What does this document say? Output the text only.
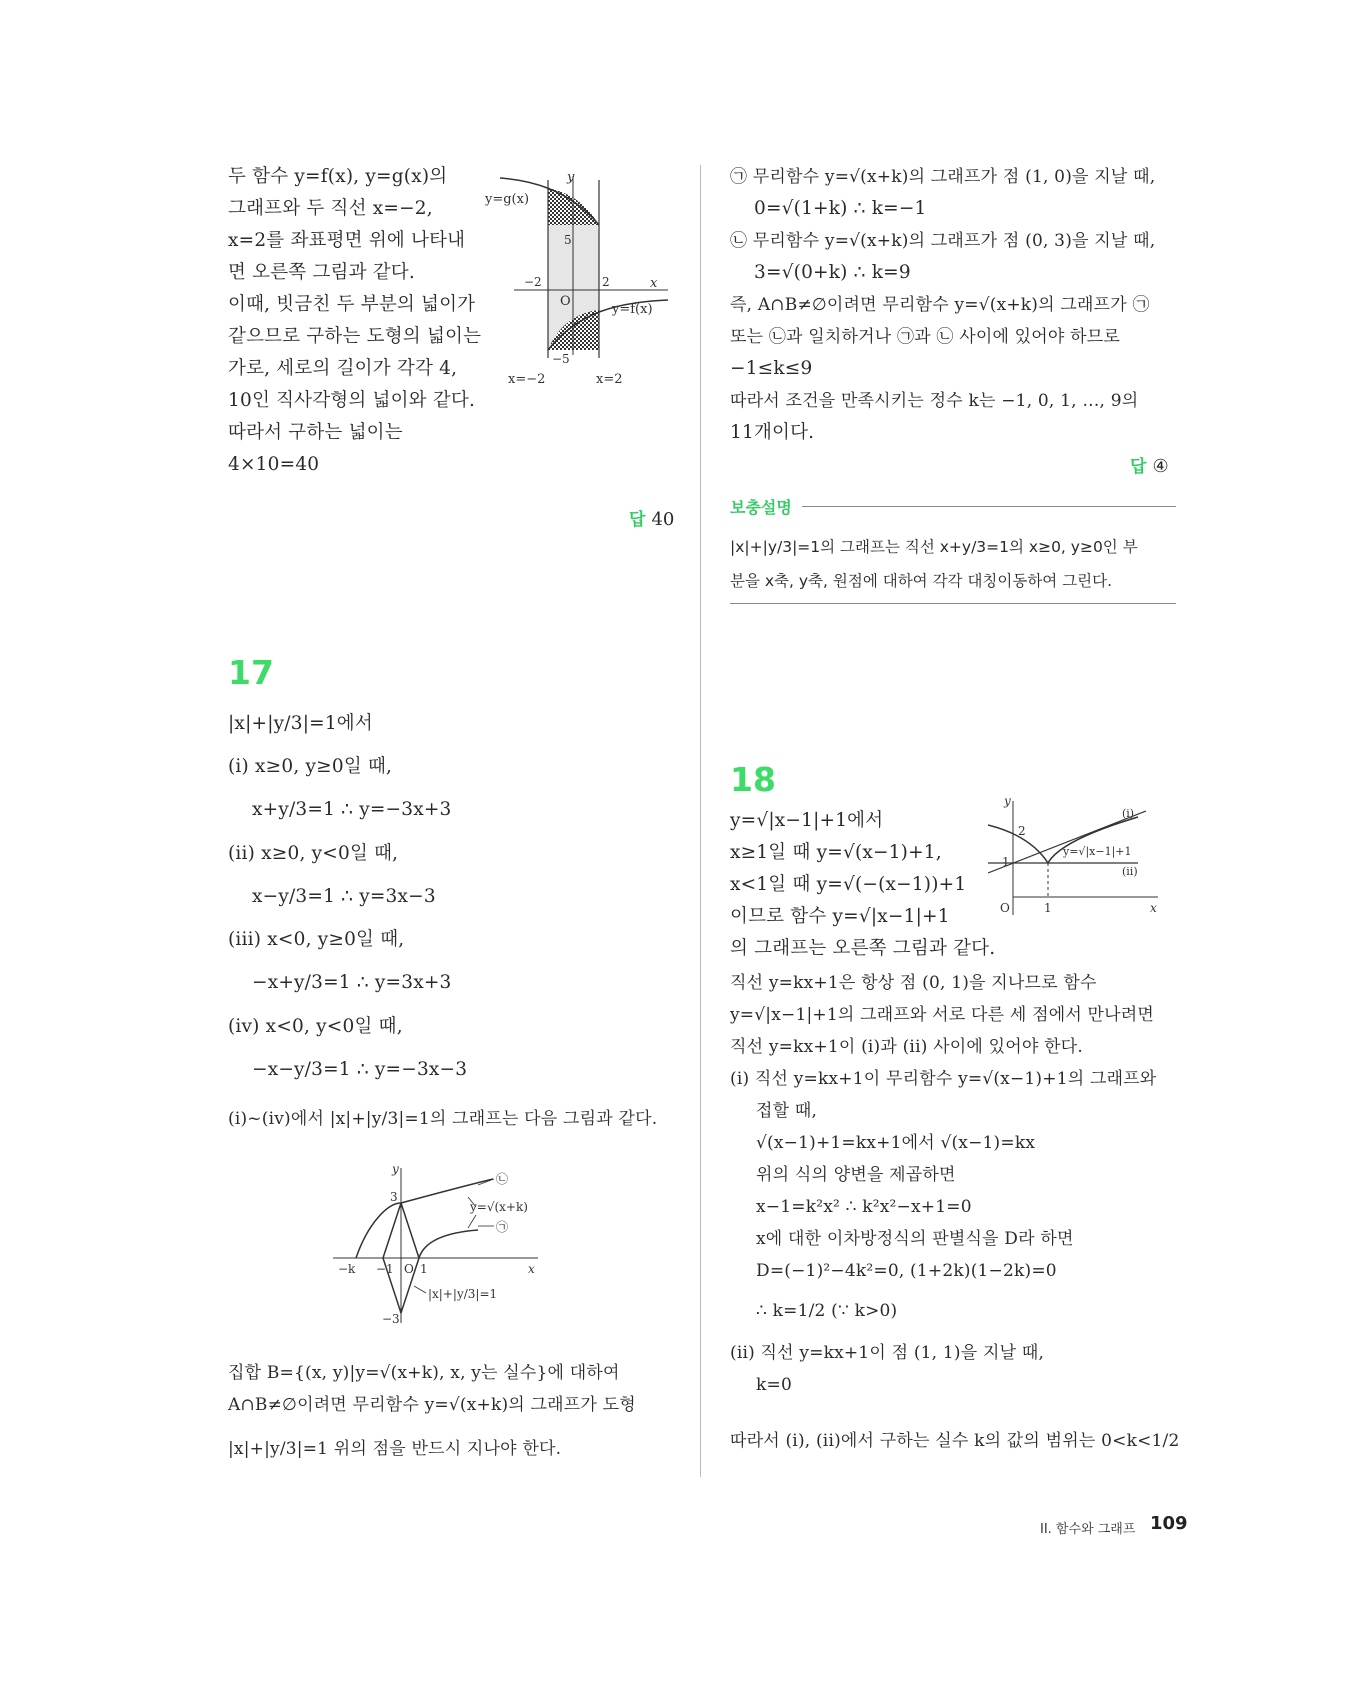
두 함수 y=f(x), y=g(x)의
그래프와 두 직선 x=−2,
x=2를 좌표평면 위에 나타내
면 오른쪽 그림과 같다.
이때, 빗금친 두 부분의 넓이가
같으므로 구하는 도형의 넓이는
가로, 세로의 길이가 각각 4,
10인 직사각형의 넓이와 같다.
따라서 구하는 넓이는
4×10=40
y
x
y=g(x)
y=f(x)
O
5
−5
−2	2
x=−2	x=2
답 40
17
|x|+|y/3|=1에서
(i) x≥0, y≥0일 때,
x+y/3=1 ∴ y=−3x+3
(ii) x≥0, y<0일 때,
x−y/3=1 ∴ y=3x−3
(iii) x<0, y≥0일 때,
−x+y/3=1 ∴ y=3x+3
(iv) x<0, y<0일 때,
−x−y/3=1 ∴ y=−3x−3
(i)~(iv)에서 |x|+|y/3|=1의 그래프는 다음 그림과 같다.
y
x
3
−3
1
−1
−k	O
y=√(x+k)
|x|+|y/3|=1
㉠
㉡
집합 B={(x, y)|y=√(x+k), x, y는 실수}에 대하여
A∩B≠∅이려면 무리함수 y=√(x+k)의 그래프가 도형
|x|+|y/3|=1 위의 점을 반드시 지나야 한다.
㉠ 무리함수 y=√(x+k)의 그래프가 점 (1, 0)을 지날 때,
0=√(1+k) ∴ k=−1
㉡ 무리함수 y=√(x+k)의 그래프가 점 (0, 3)을 지날 때,
3=√(0+k) ∴ k=9
즉, A∩B≠∅이려면 무리함수 y=√(x+k)의 그래프가 ㉠
또는 ㉡과 일치하거나 ㉠과 ㉡ 사이에 있어야 하므로
−1≤k≤9
따라서 조건을 만족시키는 정수 k는 −1, 0, 1, …, 9의
11개이다.
답 ④
보충설명
|x|+|y/3|=1의 그래프는 직선 x+y/3=1의 x≥0, y≥0인 부
분을 x축, y축, 원점에 대하여 각각 대칭이동하여 그린다.
18
y=√|x−1|+1에서
x≥1일 때 y=√(x−1)+1,
x<1일 때 y=√(−(x−1))+1
이므로 함수 y=√|x−1|+1
의 그래프는 오른쪽 그림과 같다.
y
x
O	1
1
2
y=√|x−1|+1
(i)
(ii)
직선 y=kx+1은 항상 점 (0, 1)을 지나므로 함수
y=√|x−1|+1의 그래프와 서로 다른 세 점에서 만나려면
직선 y=kx+1이 (i)과 (ii) 사이에 있어야 한다.
(i) 직선 y=kx+1이 무리함수 y=√(x−1)+1의 그래프와
접할 때,
√(x−1)+1=kx+1에서 √(x−1)=kx
위의 식의 양변을 제곱하면
x−1=k²x² ∴ k²x²−x+1=0
x에 대한 이차방정식의 판별식을 D라 하면
D=(−1)²−4k²=0, (1+2k)(1−2k)=0
∴ k=1/2 (∵ k>0)
(ii) 직선 y=kx+1이 점 (1, 1)을 지날 때,
k=0
따라서 (i), (ii)에서 구하는 실수 k의 값의 범위는 0<k<1/2
II. 함수와 그래프 109
